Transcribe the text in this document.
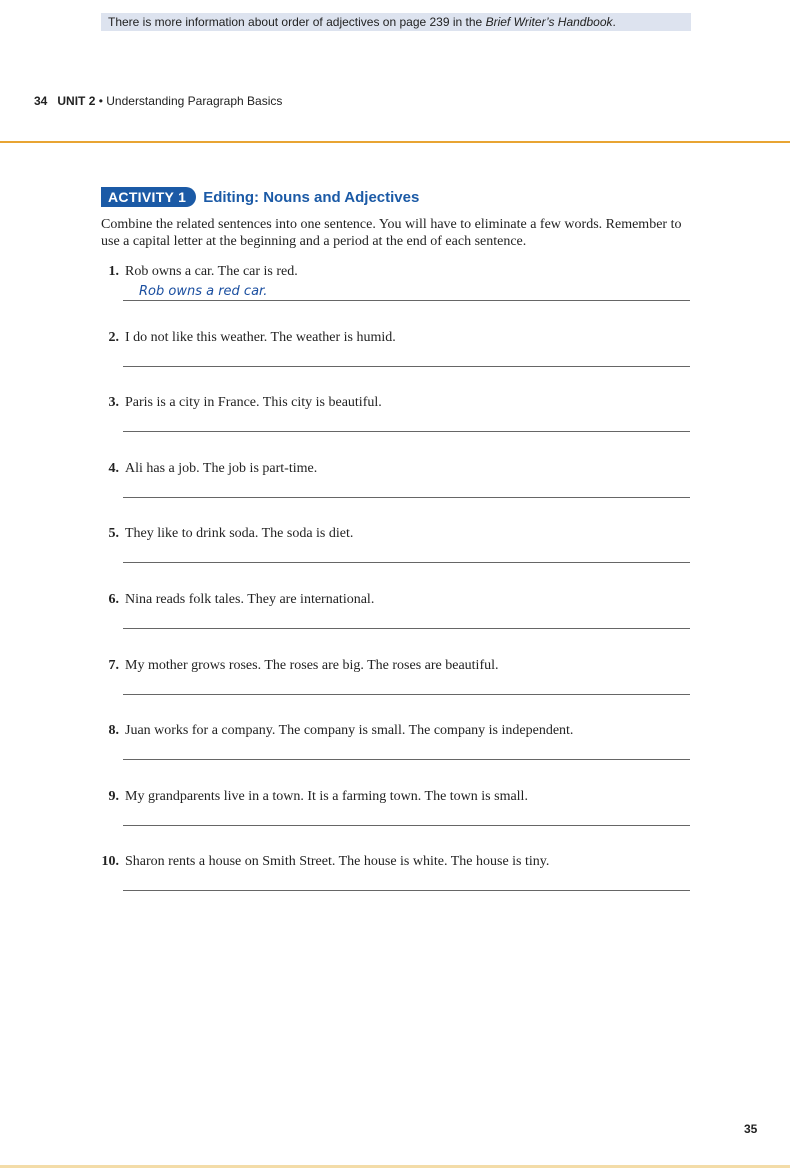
There is more information about order of adjectives on page 239 in the Brief Writer’s Handbook.
34 UNIT 2 • Understanding Paragraph Basics
ACTIVITY 1	Editing: Nouns and Adjectives
Combine the related sentences into one sentence. You will have to eliminate a few words. Remember to use a capital letter at the beginning and a period at the end of each sentence.
1. Rob owns a car. The car is red.
Rob owns a red car.
2. I do not like this weather. The weather is humid.
3. Paris is a city in France. This city is beautiful.
4. Ali has a job. The job is part-time.
5. They like to drink soda. The soda is diet.
6. Nina reads folk tales. They are international.
7. My mother grows roses. The roses are big. The roses are beautiful.
8. Juan works for a company. The company is small. The company is independent.
9. My grandparents live in a town. It is a farming town. The town is small.
10. Sharon rents a house on Smith Street. The house is white. The house is tiny.
35
